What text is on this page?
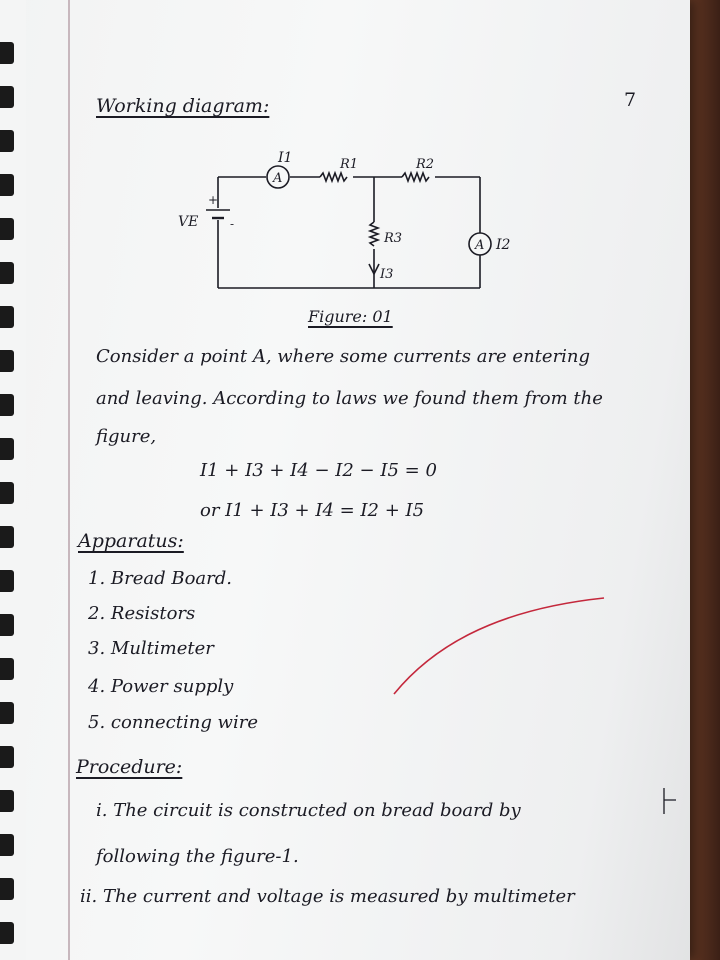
7
Working diagram:
A
A
I1
I2
R1	R2
R3
I3
VE
+
-
Figure: 01
Consider a point A, where some currents are entering
and leaving. According to laws we found them from the
figure,
I1 + I3 + I4 − I2 − I5 = 0
or I1 + I3 + I4 = I2 + I5
Apparatus:
1. Bread Board.
2. Resistors
3. Multimeter
4. Power supply
5. connecting wire
Procedure:
i. The circuit is constructed on bread board by
following the figure-1.
ii. The current and voltage is measured by multimeter
